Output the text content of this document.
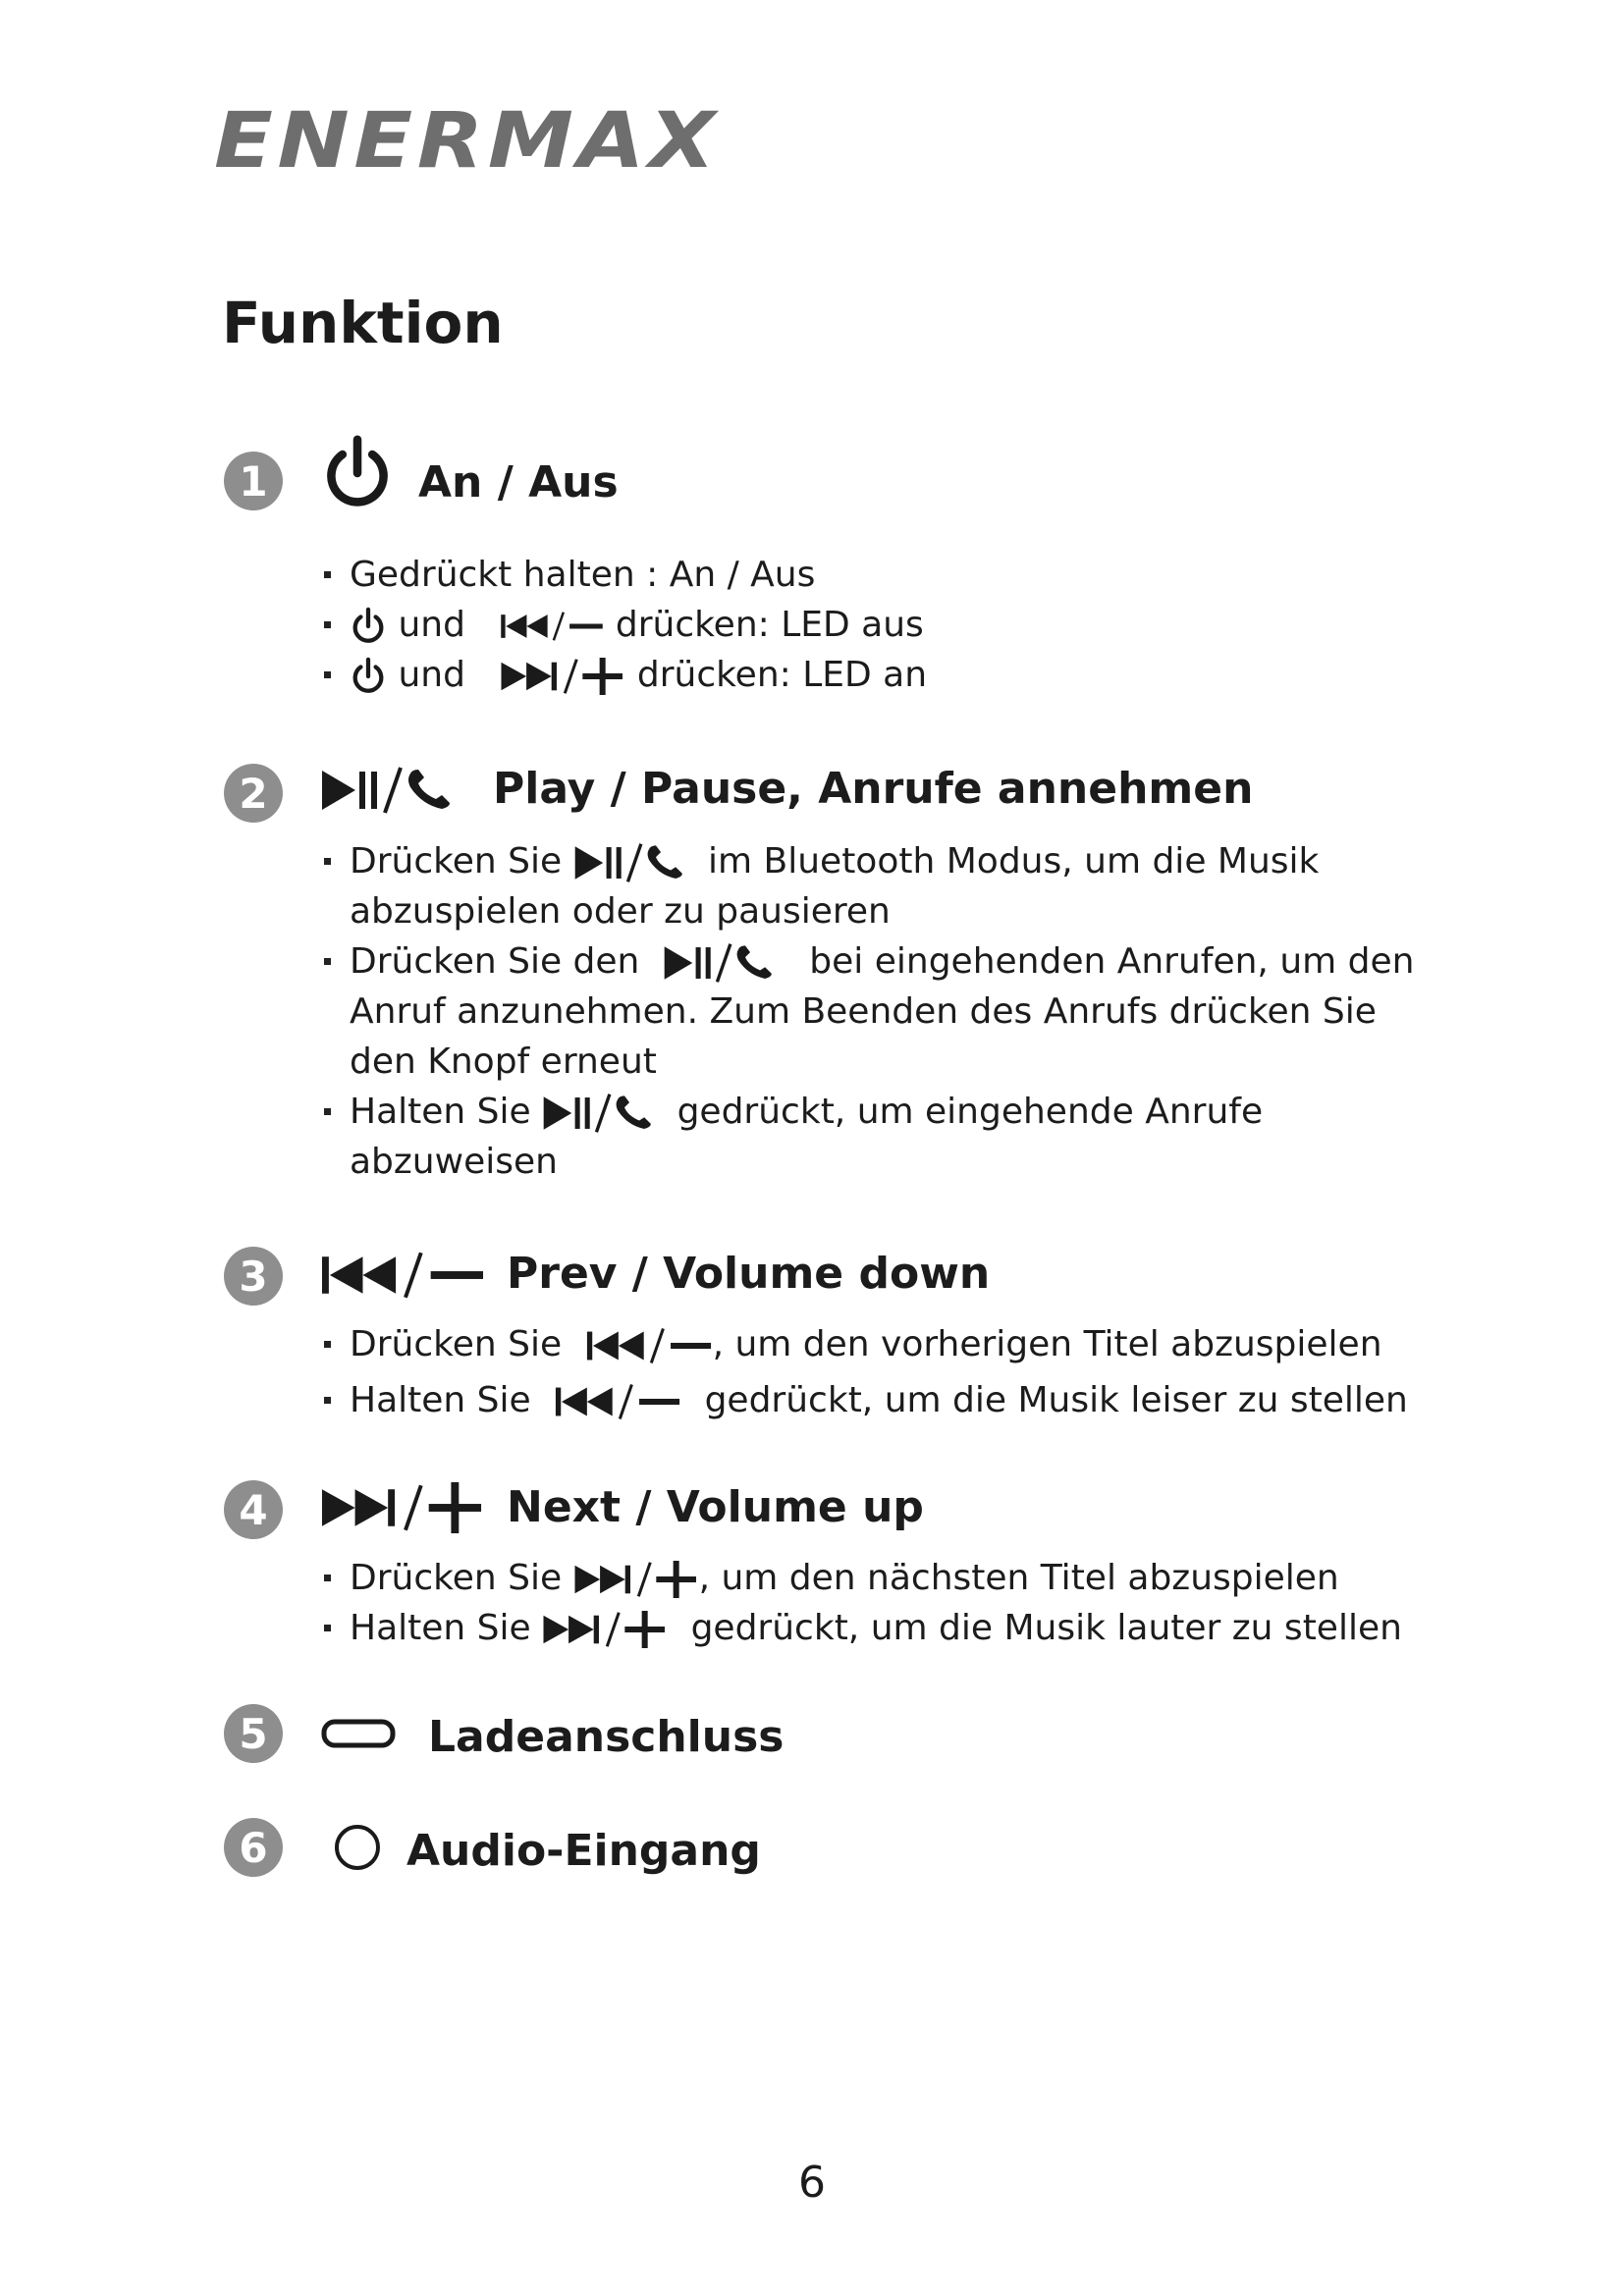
ENERMAX
Funktion
1	An / Aus
Gedrückt halten : An / Aus
und	drücken: LED aus
und	drücken: LED an
2	Play / Pause, Anrufe annehmen
Drücken Sie	im Bluetooth Modus, um die Musik
abzuspielen oder zu pausieren
Drücken Sie den	bei eingehenden Anrufen, um den
Anruf anzunehmen. Zum Beenden des Anrufs drücken Sie
den Knopf erneut
Halten Sie	gedrückt, um eingehende Anrufe
abzuweisen
3	Prev / Volume down
Drücken Sie	, um den vorherigen Titel abzuspielen
Halten Sie	gedrückt, um die Musik leiser zu stellen
4	Next / Volume up
Drücken Sie	, um den nächsten Titel abzuspielen
Halten Sie	gedrückt, um die Musik lauter zu stellen
5	Ladeanschluss
6	Audio-Eingang
6
